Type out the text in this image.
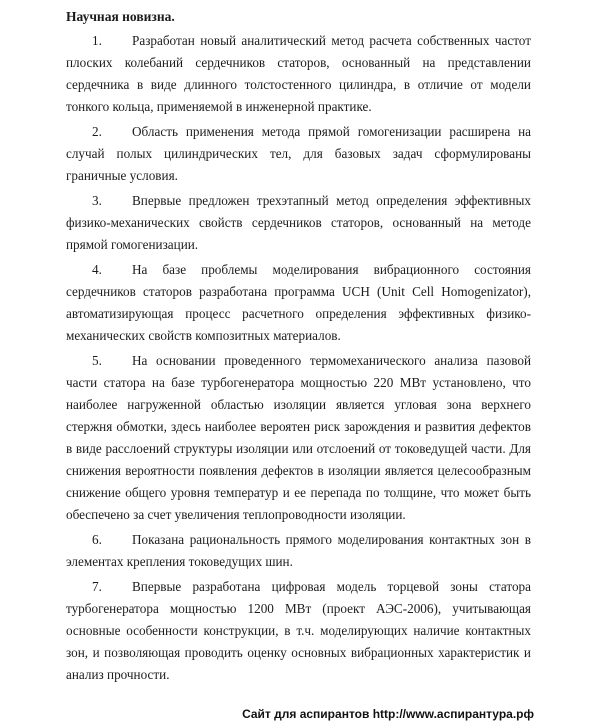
Научная новизна.

1. Разработан новый аналитический метод расчета собственных частот плоских колебаний сердечников статоров, основанный на представлении сердечника в виде длинного толстостенного цилиндра, в отличие от модели тонкого кольца, применяемой в инженерной практике.

2. Область применения метода прямой гомогенизации расширена на случай полых цилиндрических тел, для базовых задач сформулированы граничные условия.

3. Впервые предложен трехэтапный метод определения эффективных физико-механических свойств сердечников статоров, основанный на методе прямой гомогенизации.

4. На базе проблемы моделирования вибрационного состояния сердечников статоров разработана программа UCH (Unit Cell Homogenizator), автоматизирующая процесс расчетного определения эффективных физико-механических свойств композитных материалов.

5. На основании проведенного термомеханического анализа пазовой части статора на базе турбогенератора мощностью 220 МВт установлено, что наиболее нагруженной областью изоляции является угловая зона верхнего стержня обмотки, здесь наиболее вероятен риск зарождения и развития дефектов в виде расслоений структуры изоляции или отслоений от токоведущей части. Для снижения вероятности появления дефектов в изоляции является целесообразным снижение общего уровня температур и ее перепада по толщине, что может быть обеспечено за счет увеличения теплопроводности изоляции.

6. Показана рациональность прямого моделирования контактных зон в элементах крепления токоведущих шин.

7. Впервые разработана цифровая модель торцевой зоны статора турбогенератора мощностью 1200 МВт (проект АЭС-2006), учитывающая основные особенности конструкции, в т.ч. моделирующих наличие контактных зон, и позволяющая проводить оценку основных вибрационных характеристик и анализ прочности.

Сайт для аспирантов http://www.аспирантура.рф
